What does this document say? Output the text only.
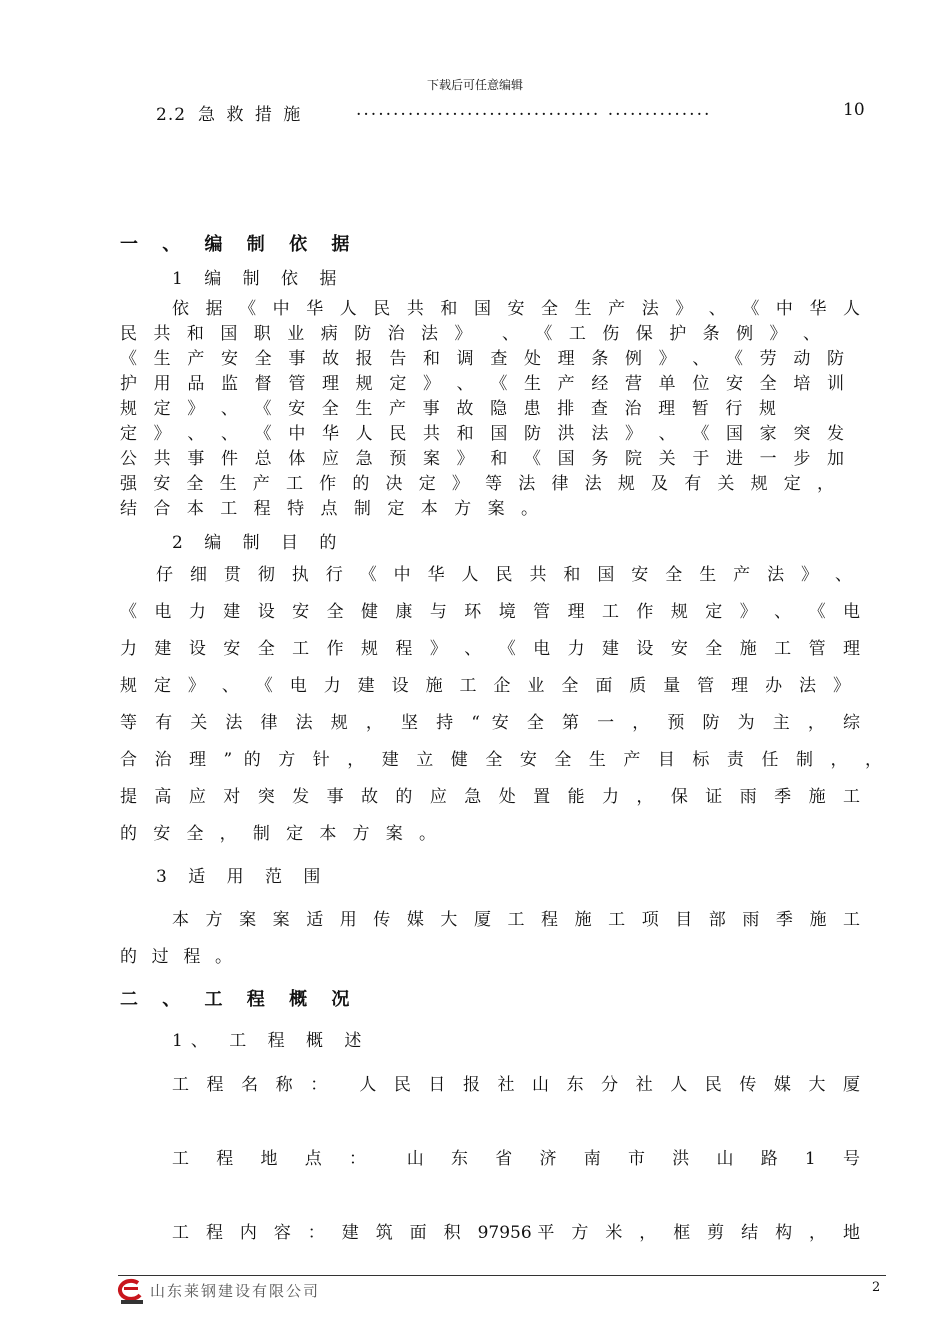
下载后可任意编辑
2.2 急 救 措 施	................................. ..............	10
一 、 编 制 依 据
1 编 制 依 据
依 据 《 中 华 人 民 共 和 国 安 全 生 产 法 》 、 《 中 华 人
民 共 和 国 职 业 病 防 治 法 》　 、 《 工 伤 保 护 条 例 》 、
《 生 产 安 全 事 故 报 告 和 调 查 处 理 条 例 》 、 《 劳 动 防
护 用 品 监 督 管 理 规 定 》 、 《 生 产 经 营 单 位 安 全 培 训
规 定 》 、 《 安 全 生 产 事 故 隐 患 排 查 治 理 暂 行 规
定 》 、 、 《 中 华 人 民 共 和 国 防 洪 法 》 、 《 国 家 突 发
公 共 事 件 总 体 应 急 预 案 》 和 《 国 务 院 关 于 进 一 步 加
强 安 全 生 产 工 作 的 决 定 》 等 法 律 法 规 及 有 关 规 定 ，
结 合 本 工 程 特 点 制 定 本 方 案 。
2 编 制 目 的
仔 细 贯 彻 执 行 《 中 华 人 民 共 和 国 安 全 生 产 法 》 、
《 电 力 建 设 安 全 健 康 与 环 境 管 理 工 作 规 定 》 、 《 电
力 建 设 安 全 工 作 规 程 》 、 《 电 力 建 设 安 全 施 工 管 理
规 定 》 、 《 电 力 建 设 施 工 企 业 全 面 质 量 管 理 办 法 》
等 有 关 法 律 法 规 ， 坚 持 “ 安 全 第 一 ， 预 防 为 主 ， 综
合 治 理 ” 的 方 针 ， 建 立 健 全 安 全 生 产 目 标 责 任 制 ， ，
提 高 应 对 突 发 事 故 的 应 急 处 置 能 力 ， 保 证 雨 季 施 工
的 安 全 ， 制 定 本 方 案 。
3 适 用 范 围
本 方 案 案 适 用 传 媒 大 厦 工 程 施 工 项 目 部 雨 季 施 工
的 过 程 。
二 、 工 程 概 况
1、 工 程 概 述
工 程 名 称 ：　 人 民 日 报 社 山 东 分 社 人 民 传 媒 大 厦
工　程　地　点　：　　山　东　省　济　南　市　洪　山　路　1　号
工 程 内 容 ： 建 筑 面 积 97956平 方 米 ， 框 剪 结 构 ， 地
山东莱钢建设有限公司	2
